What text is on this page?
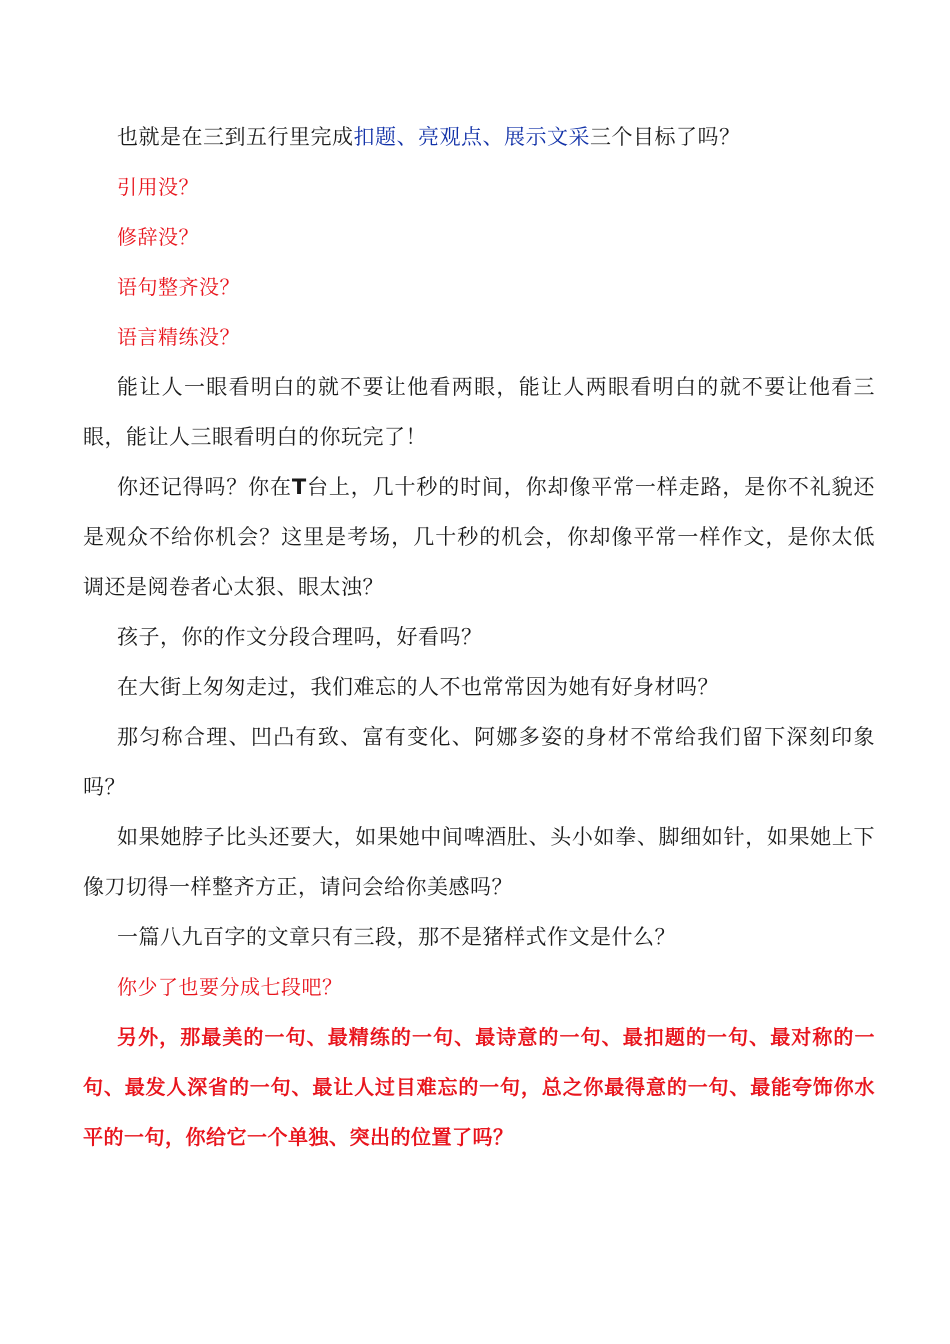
也就是在三到五行里完成扣题、亮观点、展示文采三个目标了吗？

引用没？

修辞没？

语句整齐没？

语言精练没？

能让人一眼看明白的就不要让他看两眼，能让人两眼看明白的就不要让他看三眼，能让人三眼看明白的你玩完了！

你还记得吗？你在T台上，几十秒的时间，你却像平常一样走路，是你不礼貌还是观众不给你机会？这里是考场，几十秒的机会，你却像平常一样作文，是你太低调还是阅卷者心太狠、眼太浊？

孩子，你的作文分段合理吗，好看吗？

在大街上匆匆走过，我们难忘的人不也常常因为她有好身材吗？

那匀称合理、凹凸有致、富有变化、阿娜多姿的身材不常给我们留下深刻印象吗？

如果她脖子比头还要大，如果她中间啤酒肚、头小如拳、脚细如针，如果她上下像刀切得一样整齐方正，请问会给你美感吗？

一篇八九百字的文章只有三段，那不是猪样式作文是什么？

你少了也要分成七段吧？

另外，那最美的一句、最精练的一句、最诗意的一句、最扣题的一句、最对称的一句、最发人深省的一句、最让人过目难忘的一句，总之你最得意的一句、最能夸饰你水平的一句，你给它一个单独、突出的位置了吗？
